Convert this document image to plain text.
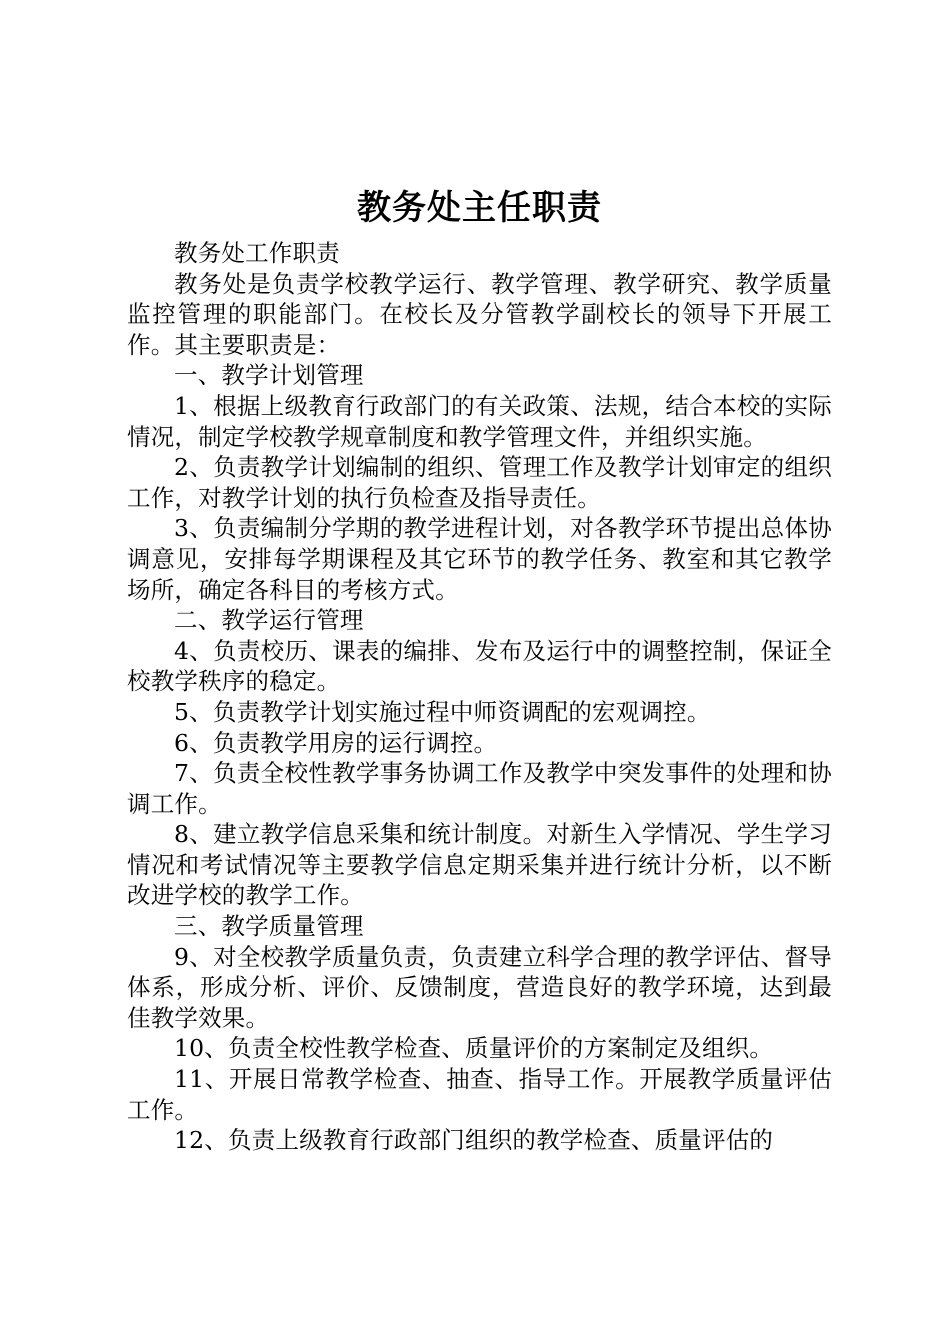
教务处主任职责

教务处工作职责

教务处是负责学校教学运行、教学管理、教学研究、教学质量监控管理的职能部门。在校长及分管教学副校长的领导下开展工作。其主要职责是：

一、教学计划管理

1、根据上级教育行政部门的有关政策、法规，结合本校的实际情况，制定学校教学规章制度和教学管理文件，并组织实施。

2、负责教学计划编制的组织、管理工作及教学计划审定的组织工作，对教学计划的执行负检查及指导责任。

3、负责编制分学期的教学进程计划，对各教学环节提出总体协调意见，安排每学期课程及其它环节的教学任务、教室和其它教学场所，确定各科目的考核方式。

二、教学运行管理

4、负责校历、课表的编排、发布及运行中的调整控制，保证全校教学秩序的稳定。

5、负责教学计划实施过程中师资调配的宏观调控。

6、负责教学用房的运行调控。

7、负责全校性教学事务协调工作及教学中突发事件的处理和协调工作。

8、建立教学信息采集和统计制度。对新生入学情况、学生学习情况和考试情况等主要教学信息定期采集并进行统计分析，以不断改进学校的教学工作。

三、教学质量管理

9、对全校教学质量负责，负责建立科学合理的教学评估、督导体系，形成分析、评价、反馈制度，营造良好的教学环境，达到最佳教学效果。

10、负责全校性教学检查、质量评价的方案制定及组织。

11、开展日常教学检查、抽查、指导工作。开展教学质量评估工作。

12、负责上级教育行政部门组织的教学检查、质量评估的
